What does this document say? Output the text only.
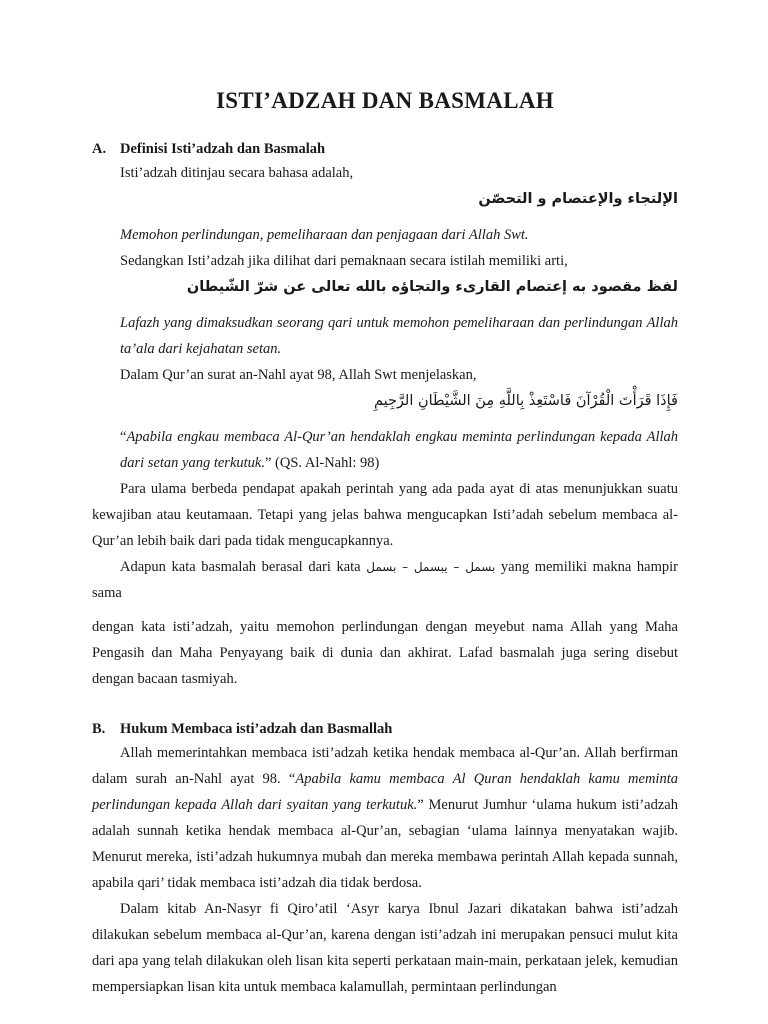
ISTI’ADZAH DAN BASMALAH
A. Definisi Isti’adzah dan Basmalah

Isti’adzah ditinjau secara bahasa adalah,

الإلتجاء والإعتصام و التحصّن

Memohon perlindungan, pemeliharaan dan penjagaan dari Allah Swt.

Sedangkan Isti’adzah jika dilihat dari pemaknaan secara istilah memiliki arti,

لفظ مقصود به إعتصام القارىء والتجاؤه بالله تعالى عن شرّ الشّيطان

Lafazh yang dimaksudkan seorang qari untuk memohon pemeliharaan dan perlindungan Allah ta’ala dari kejahatan setan.

Dalam Qur’an surat an-Nahl ayat 98, Allah Swt menjelaskan,

فَإِذَا قَرَأْتَ الْقُرْآنَ فَاسْتَعِذْ بِاللَّهِ مِنَ الشَّيْطَانِ الرَّجِيمِ

“Apabila engkau membaca Al-Qur’an hendaklah engkau meminta perlindungan kepada Allah dari setan yang terkutuk.” (QS. Al-Nahl: 98)

Para ulama berbeda pendapat apakah perintah yang ada pada ayat di atas menunjukkan suatu kewajiban atau keutamaan. Tetapi yang jelas bahwa mengucapkan Isti’adah sebelum membaca al-Qur’an lebih baik dari pada tidak mengucapkannya.

Adapun kata basmalah berasal dari kata بسمل – يبسمل – بسمل yang memiliki makna hampir sama

dengan kata isti’adzah, yaitu memohon perlindungan dengan meyebut nama Allah yang Maha Pengasih dan Maha Penyayang baik di dunia dan akhirat. Lafad basmalah juga sering disebut dengan bacaan tasmiyah.

B.	Hukum Membaca isti’adzah dan Basmallah

Allah memerintahkan membaca isti’adzah ketika hendak membaca al-Qur’an. Allah berfirman dalam surah an-Nahl ayat 98. “Apabila kamu membaca Al Quran hendaklah kamu meminta perlindungan kepada Allah dari syaitan yang terkutuk.” Menurut Jumhur ‘ulama hukum isti’adzah adalah sunnah ketika hendak membaca al-Qur’an, sebagian ‘ulama lainnya menyatakan wajib. Menurut mereka, isti’adzah hukumnya mubah dan mereka membawa perintah Allah kepada sunnah, apabila qari’ tidak membaca isti’adzah dia tidak berdosa.

Dalam kitab An-Nasyr fi Qiro’atil ‘Asyr karya Ibnul Jazari dikatakan bahwa isti’adzah dilakukan sebelum membaca al-Qur’an, karena dengan isti’adzah ini merupakan pensuci mulut kita dari apa yang telah dilakukan oleh lisan kita seperti perkataan main-main, perkataan jelek, kemudian mempersiapkan lisan kita untuk membaca kalamullah, permintaan perlindungan
